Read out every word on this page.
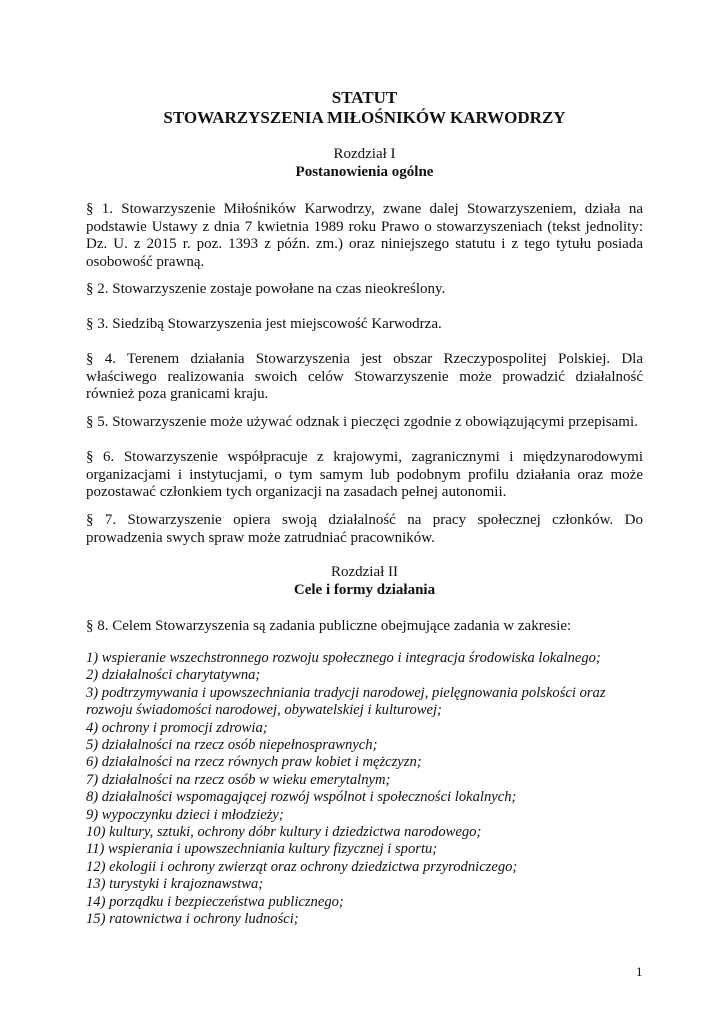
STATUT
STOWARZYSZENIA MIŁOŚNIKÓW KARWODRZY
Rozdział I
Postanowienia ogólne

§ 1. Stowarzyszenie Miłośników Karwodrzy, zwane dalej Stowarzyszeniem, działa na podstawie Ustawy z dnia 7 kwietnia 1989 roku Prawo o stowarzyszeniach (tekst jednolity: Dz. U. z 2015 r. poz. 1393 z późn. zm.) oraz niniejszego statutu i z tego tytułu posiada osobowość prawną.

§ 2. Stowarzyszenie zostaje powołane na czas nieokreślony.

§ 3. Siedzibą Stowarzyszenia jest miejscowość Karwodrza.

§ 4. Terenem działania Stowarzyszenia jest obszar Rzeczypospolitej Polskiej. Dla właściwego realizowania swoich celów Stowarzyszenie może prowadzić działalność również poza granicami kraju.

§ 5. Stowarzyszenie może używać odznak i pieczęci zgodnie z obowiązującymi przepisami.

§ 6. Stowarzyszenie współpracuje z krajowymi, zagranicznymi i międzynarodowymi organizacjami i instytucjami, o tym samym lub podobnym profilu działania oraz może pozostawać członkiem tych organizacji na zasadach pełnej autonomii.

§ 7. Stowarzyszenie opiera swoją działalność na pracy społecznej członków. Do prowadzenia swych spraw może zatrudniać pracowników.

Rozdział II
Cele i formy działania

§ 8. Celem Stowarzyszenia są zadania publiczne obejmujące zadania w zakresie:

1) wspieranie wszechstronnego rozwoju społecznego i integracja środowiska lokalnego;
2) działalności charytatywna;
3) podtrzymywania i upowszechniania tradycji narodowej, pielęgnowania polskości oraz rozwoju świadomości narodowej, obywatelskiej i kulturowej;
4) ochrony i promocji zdrowia;
5) działalności na rzecz osób niepełnosprawnych;
6) działalności na rzecz równych praw kobiet i mężczyzn;
7) działalności na rzecz osób w wieku emerytalnym;
8) działalności wspomagającej rozwój wspólnot i społeczności lokalnych;
9) wypoczynku dzieci i młodzieży;
10) kultury, sztuki, ochrony dóbr kultury i dziedzictwa narodowego;
11) wspierania i upowszechniania kultury fizycznej i sportu;
12) ekologii i ochrony zwierząt oraz ochrony dziedzictwa przyrodniczego;
13) turystyki i krajoznawstwa;
14) porządku i bezpieczeństwa publicznego;
15) ratownictwa i ochrony ludności;
1
